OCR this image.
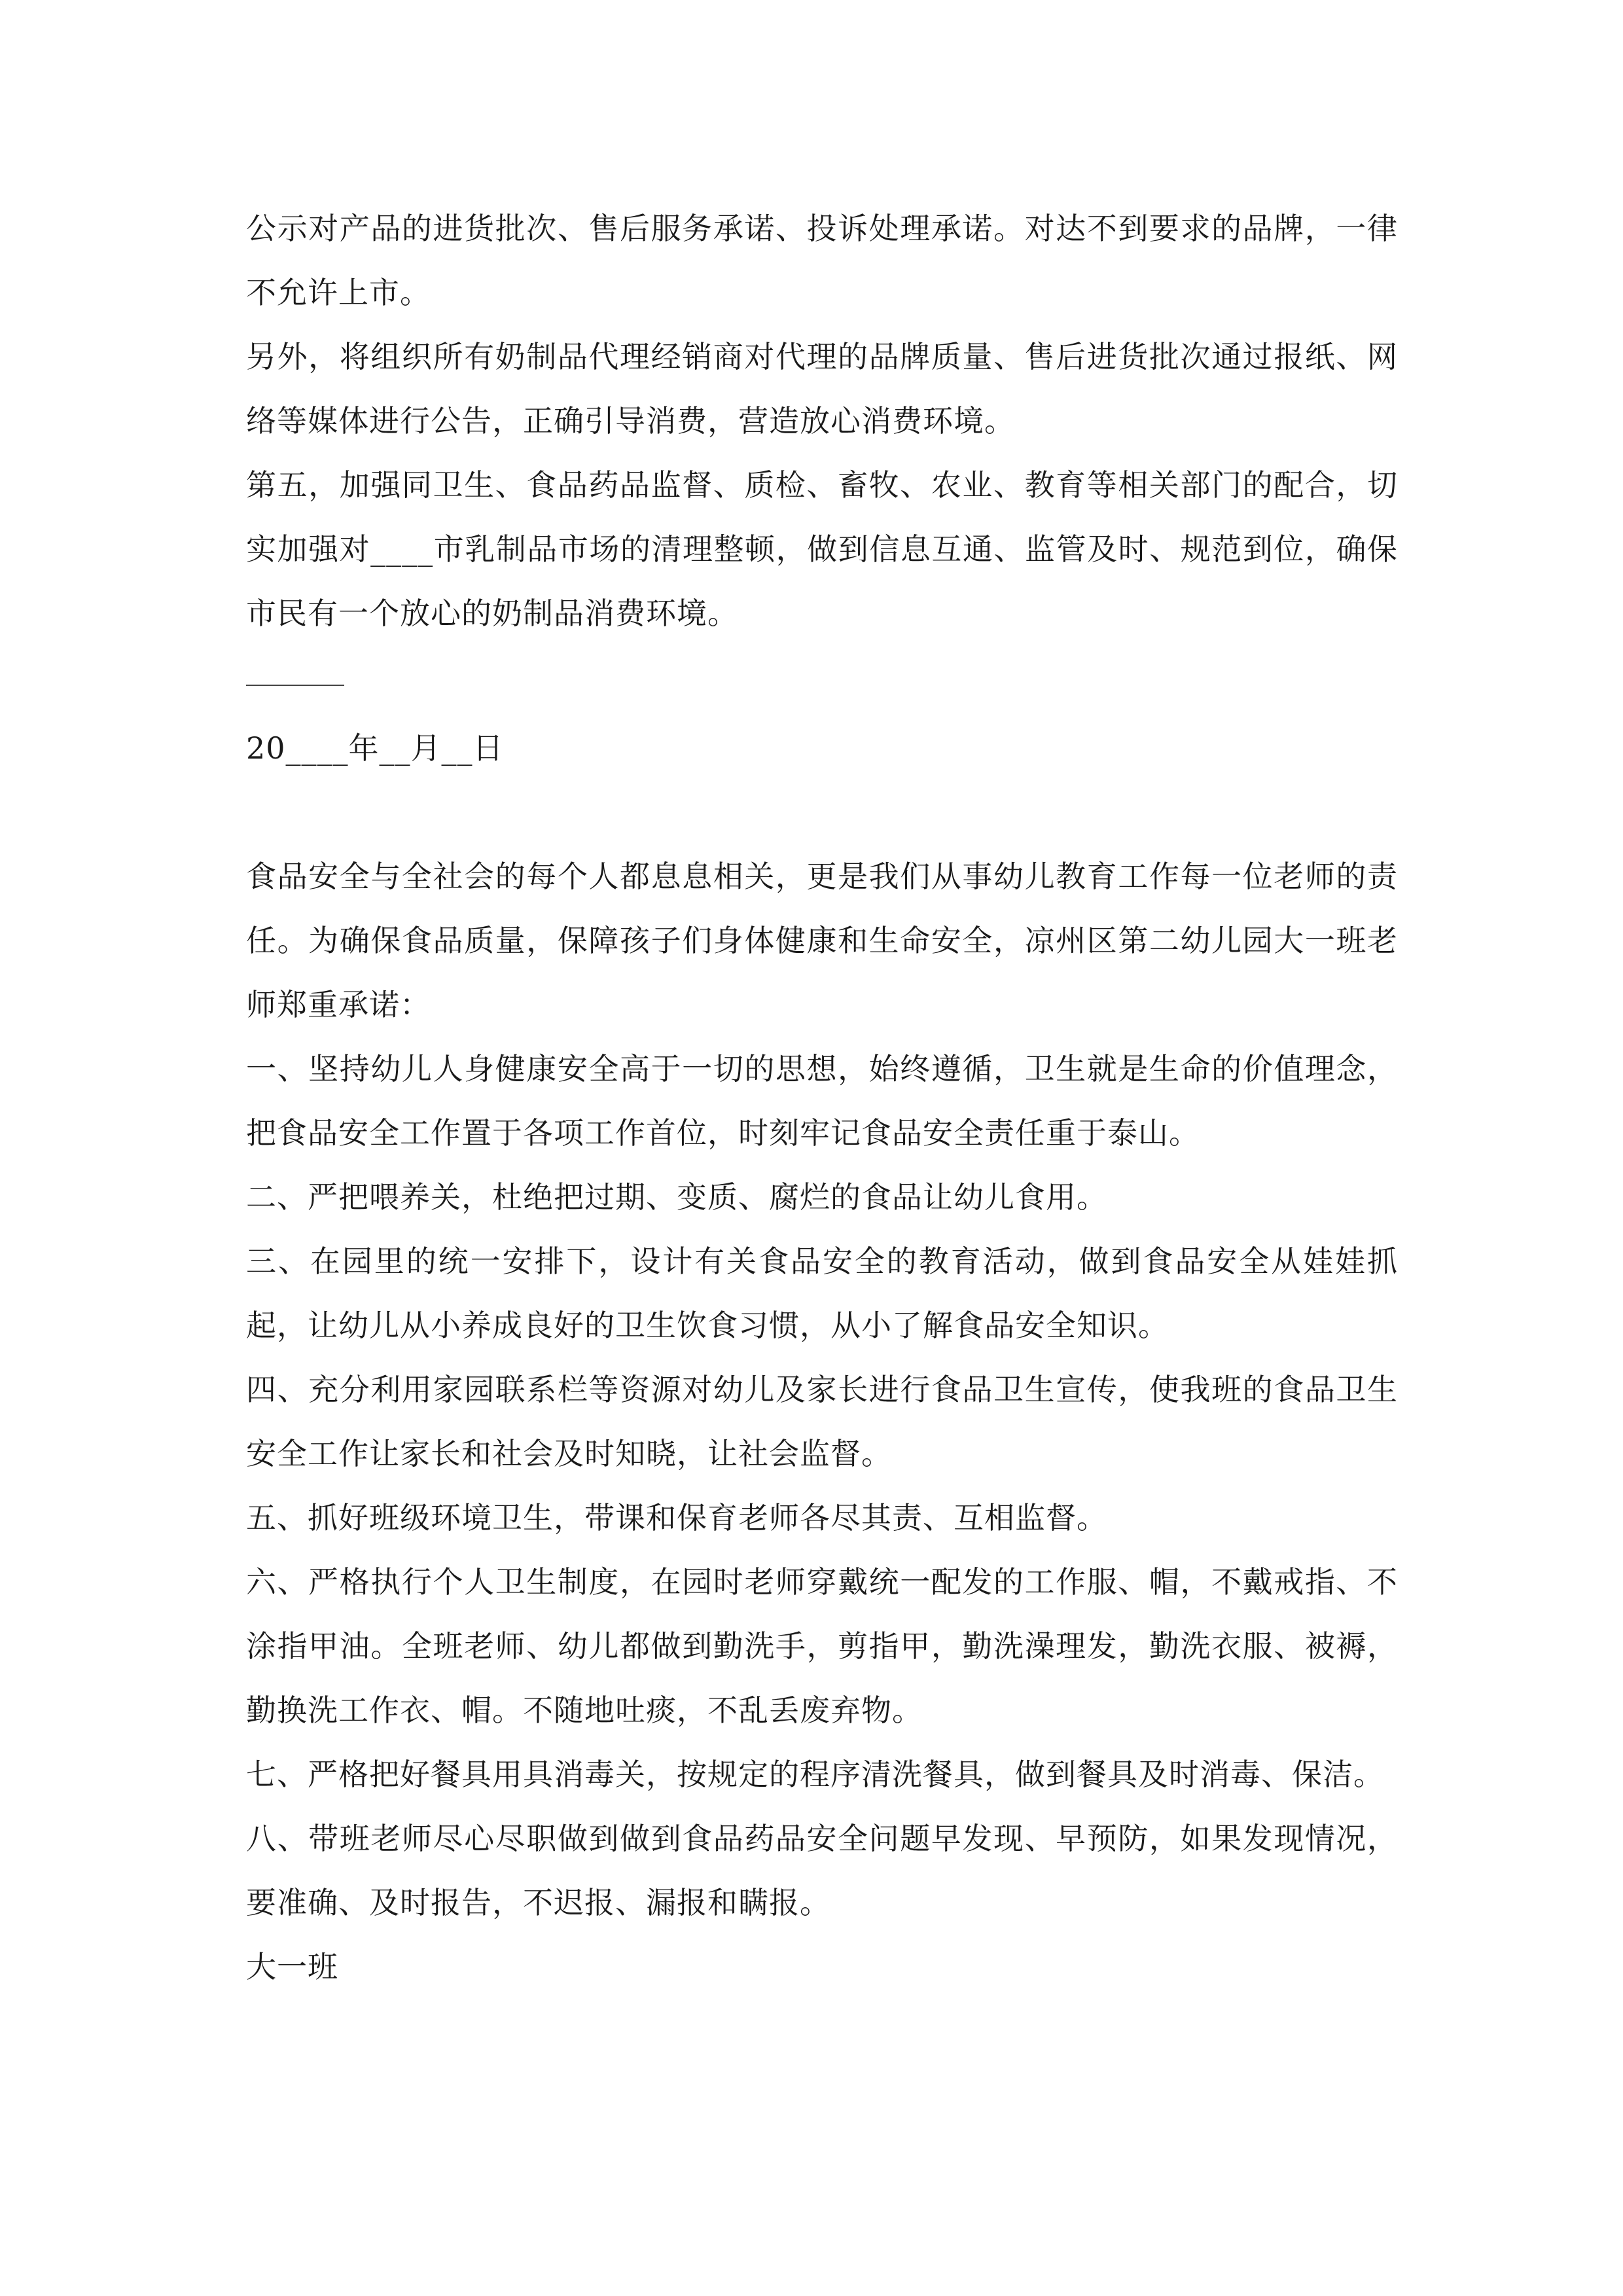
公示对产品的进货批次、售后服务承诺、投诉处理承诺。对达不到要求的品牌，一律不允许上市。

另外，将组织所有奶制品代理经销商对代理的品牌质量、售后进货批次通过报纸、网络等媒体进行公告，正确引导消费，营造放心消费环境。

第五，加强同卫生、食品药品监督、质检、畜牧、农业、教育等相关部门的配合，切实加强对____市乳制品市场的清理整顿，做到信息互通、监管及时、规范到位，确保市民有一个放心的奶制品消费环境。

20____年__月__日

食品安全与全社会的每个人都息息相关，更是我们从事幼儿教育工作每一位老师的责任。为确保食品质量，保障孩子们身体健康和生命安全，凉州区第二幼儿园大一班老师郑重承诺：

一、坚持幼儿人身健康安全高于一切的思想，始终遵循，卫生就是生命的价值理念，把食品安全工作置于各项工作首位，时刻牢记食品安全责任重于泰山。

二、严把喂养关，杜绝把过期、变质、腐烂的食品让幼儿食用。

三、在园里的统一安排下，设计有关食品安全的教育活动，做到食品安全从娃娃抓起，让幼儿从小养成良好的卫生饮食习惯，从小了解食品安全知识。

四、充分利用家园联系栏等资源对幼儿及家长进行食品卫生宣传，使我班的食品卫生安全工作让家长和社会及时知晓，让社会监督。

五、抓好班级环境卫生，带课和保育老师各尽其责、互相监督。

六、严格执行个人卫生制度，在园时老师穿戴统一配发的工作服、帽，不戴戒指、不涂指甲油。全班老师、幼儿都做到勤洗手，剪指甲，勤洗澡理发，勤洗衣服、被褥，勤换洗工作衣、帽。不随地吐痰，不乱丢废弃物。

七、严格把好餐具用具消毒关，按规定的程序清洗餐具，做到餐具及时消毒、保洁。

八、带班老师尽心尽职做到做到食品药品安全问题早发现、早预防，如果发现情况，要准确、及时报告，不迟报、漏报和瞒报。

大一班
